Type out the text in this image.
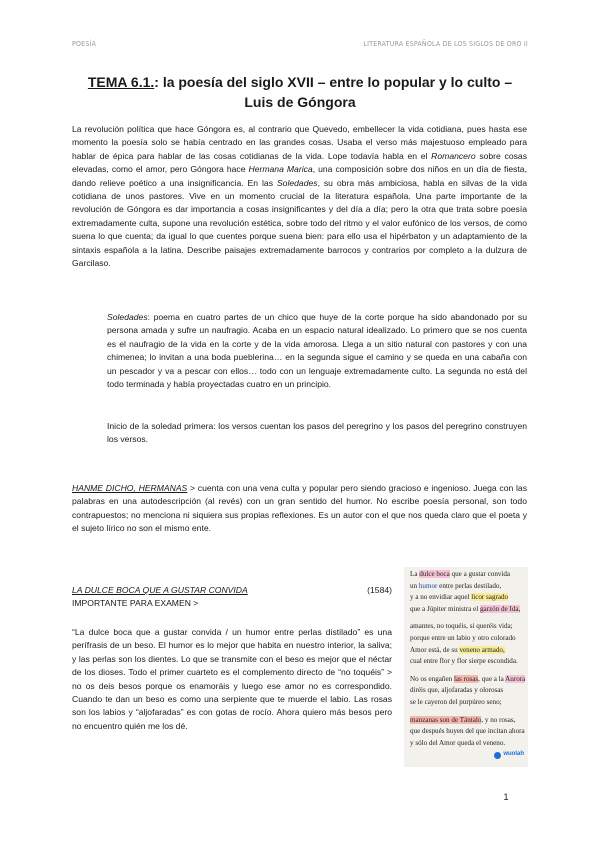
POESÍA	LITERATURA ESPAÑOLA DE LOS SIGLOS DE ORO II
TEMA 6.1.: la poesía del siglo XVII – entre lo popular y lo culto –
Luis de Góngora

La revolución política que hace Góngora es, al contrario que Quevedo, embellecer la vida cotidiana, pues hasta ese momento la poesía solo se había centrado en las grandes cosas. Usaba el verso más majestuoso empleado para hablar de épica para hablar de las cosas cotidianas de la vida. Lope todavía habla en el Romancero sobre cosas elevadas, como el amor, pero Góngora hace Hermana Marica, una composición sobre dos niños en un día de fiesta, dando relieve poético a una insignificancia. En las Soledades, su obra más ambiciosa, habla en silvas de la vida cotidiana de unos pastores. Vive en un momento crucial de la literatura española. Una parte importante de la revolución de Góngora es dar importancia a cosas insignificantes y del día a día; pero la otra que trata sobre poesía extremadamente culta, supone una revolución estética, sobre todo del ritmo y el valor eufónico de los versos, de como suena lo que cuenta; da igual lo que cuentes porque suena bien: para ello usa el hipérbaton y un adaptamiento de la sintaxis española a la latina. Describe paisajes extremadamente barrocos y contrarios por completo a la dulzura de Garcilaso.

Soledades: poema en cuatro partes de un chico que huye de la corte porque ha sido abandonado por su persona amada y sufre un naufragio. Acaba en un espacio natural idealizado. Lo primero que se nos cuenta es el naufragio de la vida en la corte y de la vida amorosa. Llega a un sitio natural con pastores y con una chimenea; lo invitan a una boda pueblerina… en la segunda sigue el camino y se queda en una cabaña con un pescador y va a pescar con ellos… todo con un lenguaje extremadamente culto. La segunda no está del todo terminada y había proyectadas cuatro en un principio.

Inicio de la soledad primera: los versos cuentan los pasos del peregrino y los pasos del peregrino construyen los versos.

HANME DICHO, HERMANAS > cuenta con una vena culta y popular pero siendo gracioso e ingenioso. Juega con las palabras en una autodescripción (al revés) con un gran sentido del humor. No escribe poesía personal, son todo contrapuestos; no menciona ni siquiera sus propias reflexiones. Es un autor con el que nos queda claro que el poeta y el sujeto lírico no son el mismo ente.

LA DULCE BOCA QUE A GUSTAR CONVIDA	(1584)
IMPORTANTE PARA EXAMEN >

“La dulce boca que a gustar convida / un humor entre perlas distilado” es una perífrasis de un beso. El humor es lo mejor que habita en nuestro interior, la saliva; y las perlas son los dientes. Lo que se transmite con el beso es mejor que el néctar de los dioses. Todo el primer cuarteto es el complemento directo de “no toquéis” > no os deis besos porque os enamoráis y luego ese amor no es correspondido. Cuando te dan un beso es como una serpiente que te muerde el labio. Las rosas son los labios y “aljofaradas” es con gotas de rocío. Ahora quiero más besos pero no encuentro quién me los dé.

La dulce boca que a gustar convida
un humor entre perlas destilado,
y a no envidiar aquel licor sagrado
que a Júpiter ministra el garzón de Ida,
amantes, no toquéis, si queréis vida;
porque entre un labio y otro colorado
Amor está, de su veneno armado,
cual entre flor y flor sierpe escondida.
No os engañen las rosas, que a la Aurora
diréis que, aljofaradas y olorosas
se le cayeron del purpúreo seno;
manzanas son de Tántalo, y no rosas,
que después huyen del que incitan ahora
y sólo del Amor queda el veneno.
wuolah
1
